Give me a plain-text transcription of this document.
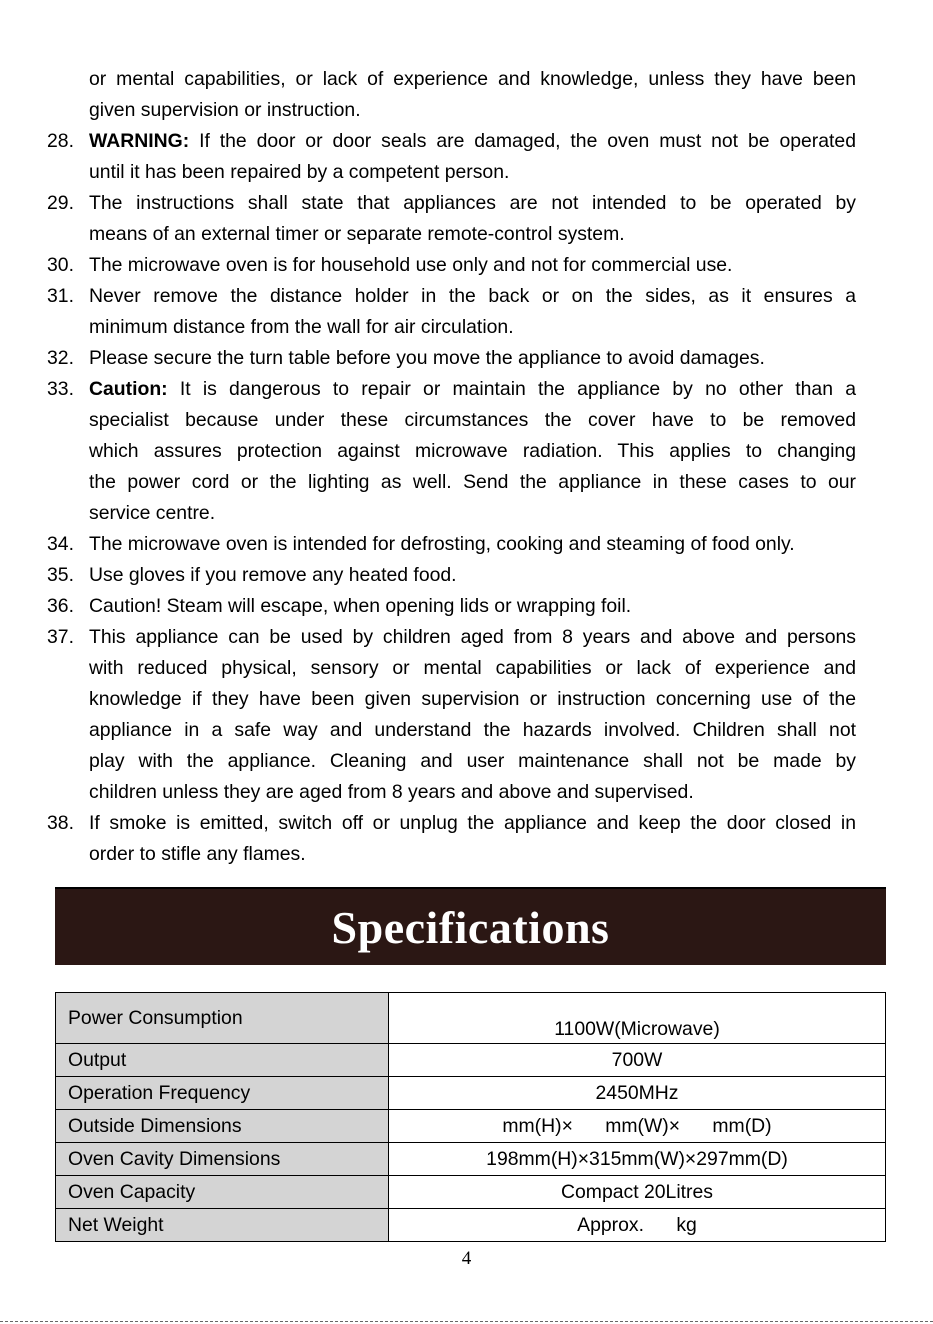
or mental capabilities, or lack of experience and knowledge, unless they have been
given supervision or instruction.
28. WARNING: If the door or door seals are damaged, the oven must not be operated
until it has been repaired by a competent person.
29. The instructions shall state that appliances are not intended to be operated by
means of an external timer or separate remote-control system.
30. The microwave oven is for household use only and not for commercial use.
31. Never remove the distance holder in the back or on the sides, as it ensures a
minimum distance from the wall for air circulation.
32. Please secure the turn table before you move the appliance to avoid damages.
33. Caution: It is dangerous to repair or maintain the appliance by no other than a
specialist because under these circumstances the cover have to be removed
which assures protection against microwave radiation. This applies to changing
the power cord or the lighting as well. Send the appliance in these cases to our
service centre.
34. The microwave oven is intended for defrosting, cooking and steaming of food only.
35. Use gloves if you remove any heated food.
36. Caution! Steam will escape, when opening lids or wrapping foil.
37. This appliance can be used by children aged from 8 years and above and persons
with reduced physical, sensory or mental capabilities or lack of experience and
knowledge if they have been given supervision or instruction concerning use of the
appliance in a safe way and understand the hazards involved. Children shall not
play with the appliance. Cleaning and user maintenance shall not be made by
children unless they are aged from 8 years and above and supervised.
38. If smoke is emitted, switch off or unplug the appliance and keep the door closed in
order to stifle any flames.
Specifications
Power Consumption	1100W(Microwave)
Output	700W
Operation Frequency	2450MHz
Outside Dimensions	mm(H)×      mm(W)×      mm(D)
Oven Cavity Dimensions	198mm(H)×315mm(W)×297mm(D)
Oven Capacity	Compact 20Litres
Net Weight	Approx.      kg
4
